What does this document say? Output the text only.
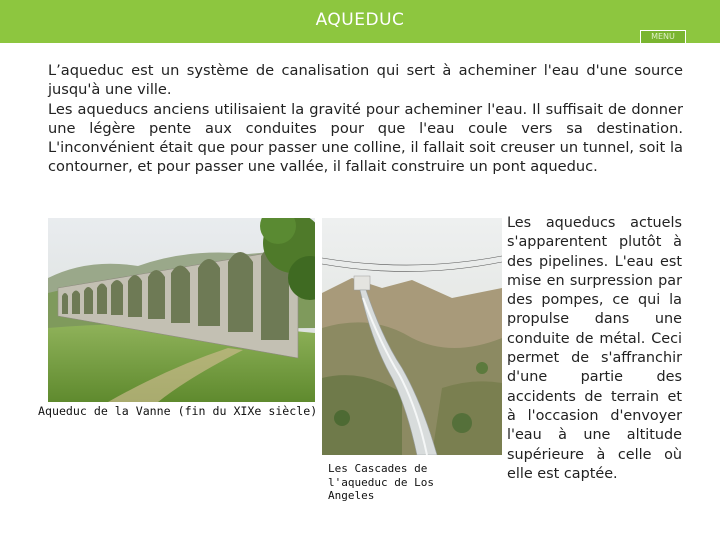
AQUEDUC
MENU

L’aqueduc est un système de canalisation qui sert à acheminer l'eau d'une source jusqu'à une ville.

Les aqueducs anciens utilisaient la gravité pour acheminer l'eau. Il suffisait de donner une légère pente aux conduites pour que l'eau coule vers sa destination. L'inconvénient était que pour passer une colline, il fallait soit creuser un tunnel, soit la contourner, et pour passer une vallée, il fallait construire un pont aqueduc.

Aqueduc de la Vanne (fin du XIXe siècle)
Les Cascades de l'aqueduc de Los Angeles
Les aqueducs actuels s'apparentent plutôt à des pipelines. L'eau est mise en surpression par des pompes, ce qui la propulse dans une conduite de métal. Ceci permet de s'affranchir d'une partie des accidents de terrain et à l'occasion d'envoyer l'eau à une altitude supérieure à celle où elle est captée.
